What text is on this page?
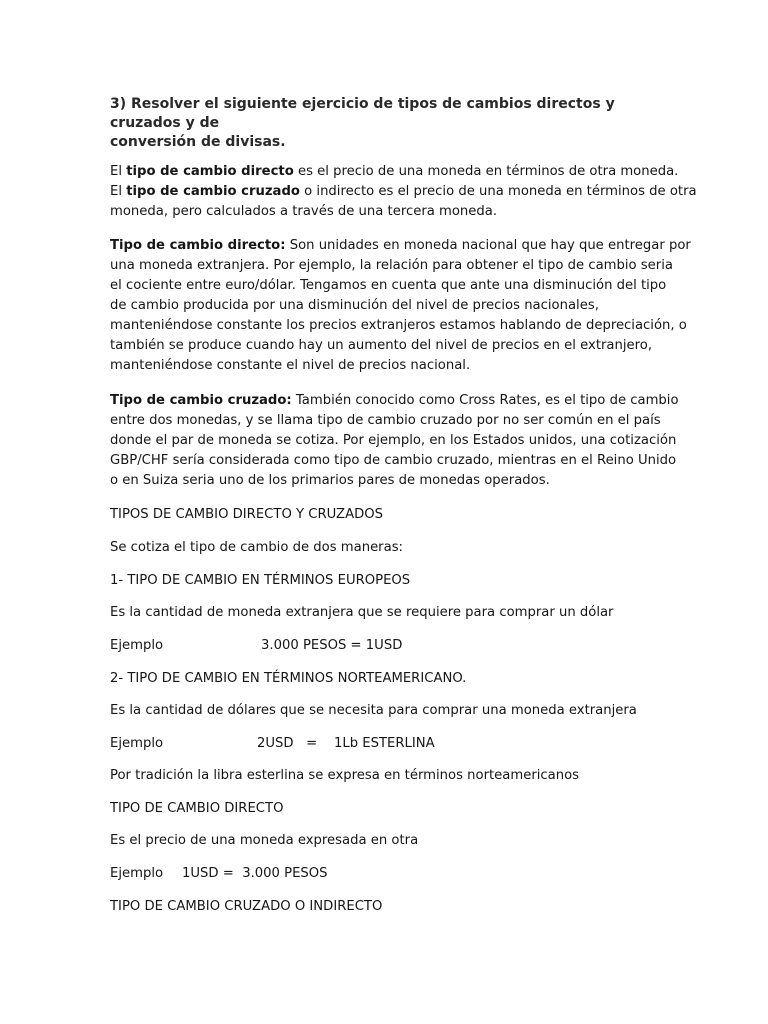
3) Resolver el siguiente ejercicio de tipos de cambios directos y cruzados y de
conversión de divisas.
El tipo de cambio directo es el precio de una moneda en términos de otra moneda.
El tipo de cambio cruzado o indirecto es el precio de una moneda en términos de otra
moneda, pero calculados a través de una tercera moneda.
Tipo de cambio directo: Son unidades en moneda nacional que hay que entregar por
una moneda extranjera. Por ejemplo, la relación para obtener el tipo de cambio seria
el cociente entre euro/dólar. Tengamos en cuenta que ante una disminución del tipo
de cambio producida por una disminución del nivel de precios nacionales,
manteniéndose constante los precios extranjeros estamos hablando de depreciación, o
también se produce cuando hay un aumento del nivel de precios en el extranjero,
manteniéndose constante el nivel de precios nacional.
Tipo de cambio cruzado: También conocido como Cross Rates, es el tipo de cambio
entre dos monedas, y se llama tipo de cambio cruzado por no ser común en el país
donde el par de moneda se cotiza. Por ejemplo, en los Estados unidos, una cotización
GBP/CHF sería considerada como tipo de cambio cruzado, mientras en el Reino Unido
o en Suiza seria uno de los primarios pares de monedas operados.
TIPOS DE CAMBIO DIRECTO Y CRUZADOS
Se cotiza el tipo de cambio de dos maneras:
1- TIPO DE CAMBIO EN TÉRMINOS EUROPEOS
Es la cantidad de moneda extranjera que se requiere para comprar un dólar
Ejemplo	3.000 PESOS = 1USD
2- TIPO DE CAMBIO EN TÉRMINOS NORTEAMERICANO.
Es la cantidad de dólares que se necesita para comprar una moneda extranjera
Ejemplo	2USD   =    1Lb ESTERLINA
Por tradición la libra esterlina se expresa en términos norteamericanos
TIPO DE CAMBIO DIRECTO
Es el precio de una moneda expresada en otra
Ejemplo 1USD =  3.000 PESOS
TIPO DE CAMBIO CRUZADO O INDIRECTO
